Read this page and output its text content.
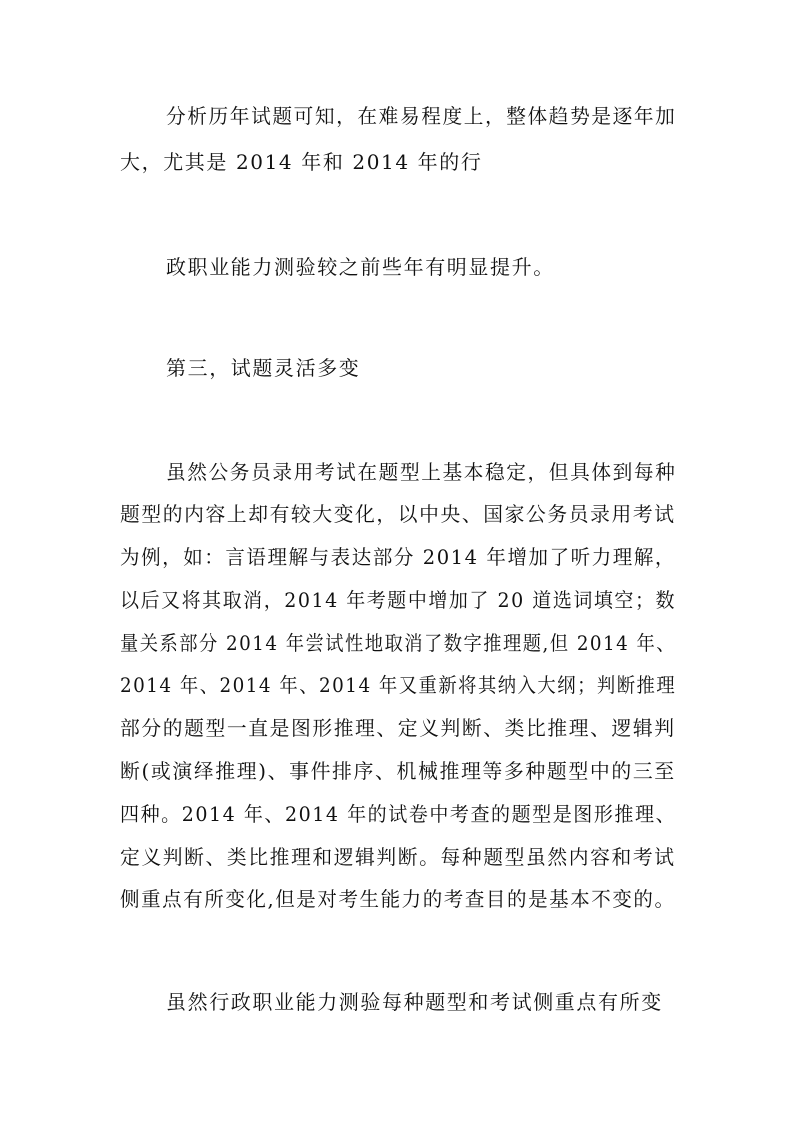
分析历年试题可知，在难易程度上，整体趋势是逐年加
大，尤其是 2014 年和 2014 年的行
政职业能力测验较之前些年有明显提升。
第三，试题灵活多变
虽然公务员录用考试在题型上基本稳定，但具体到每种
题型的内容上却有较大变化，以中央、国家公务员录用考试
为例，如：言语理解与表达部分 2014 年增加了听力理解，
以后又将其取消，2014 年考题中增加了 20 道选词填空；数
量关系部分 2014 年尝试性地取消了数字推理题,但 2014 年、
2014 年、2014 年、2014 年又重新将其纳入大纲；判断推理
部分的题型一直是图形推理、定义判断、类比推理、逻辑判
断(或演绎推理)、事件排序、机械推理等多种题型中的三至
四种。2014 年、2014 年的试卷中考查的题型是图形推理、
定义判断、类比推理和逻辑判断。每种题型虽然内容和考试
侧重点有所变化,但是对考生能力的考查目的是基本不变的。
虽然行政职业能力测验每种题型和考试侧重点有所变
